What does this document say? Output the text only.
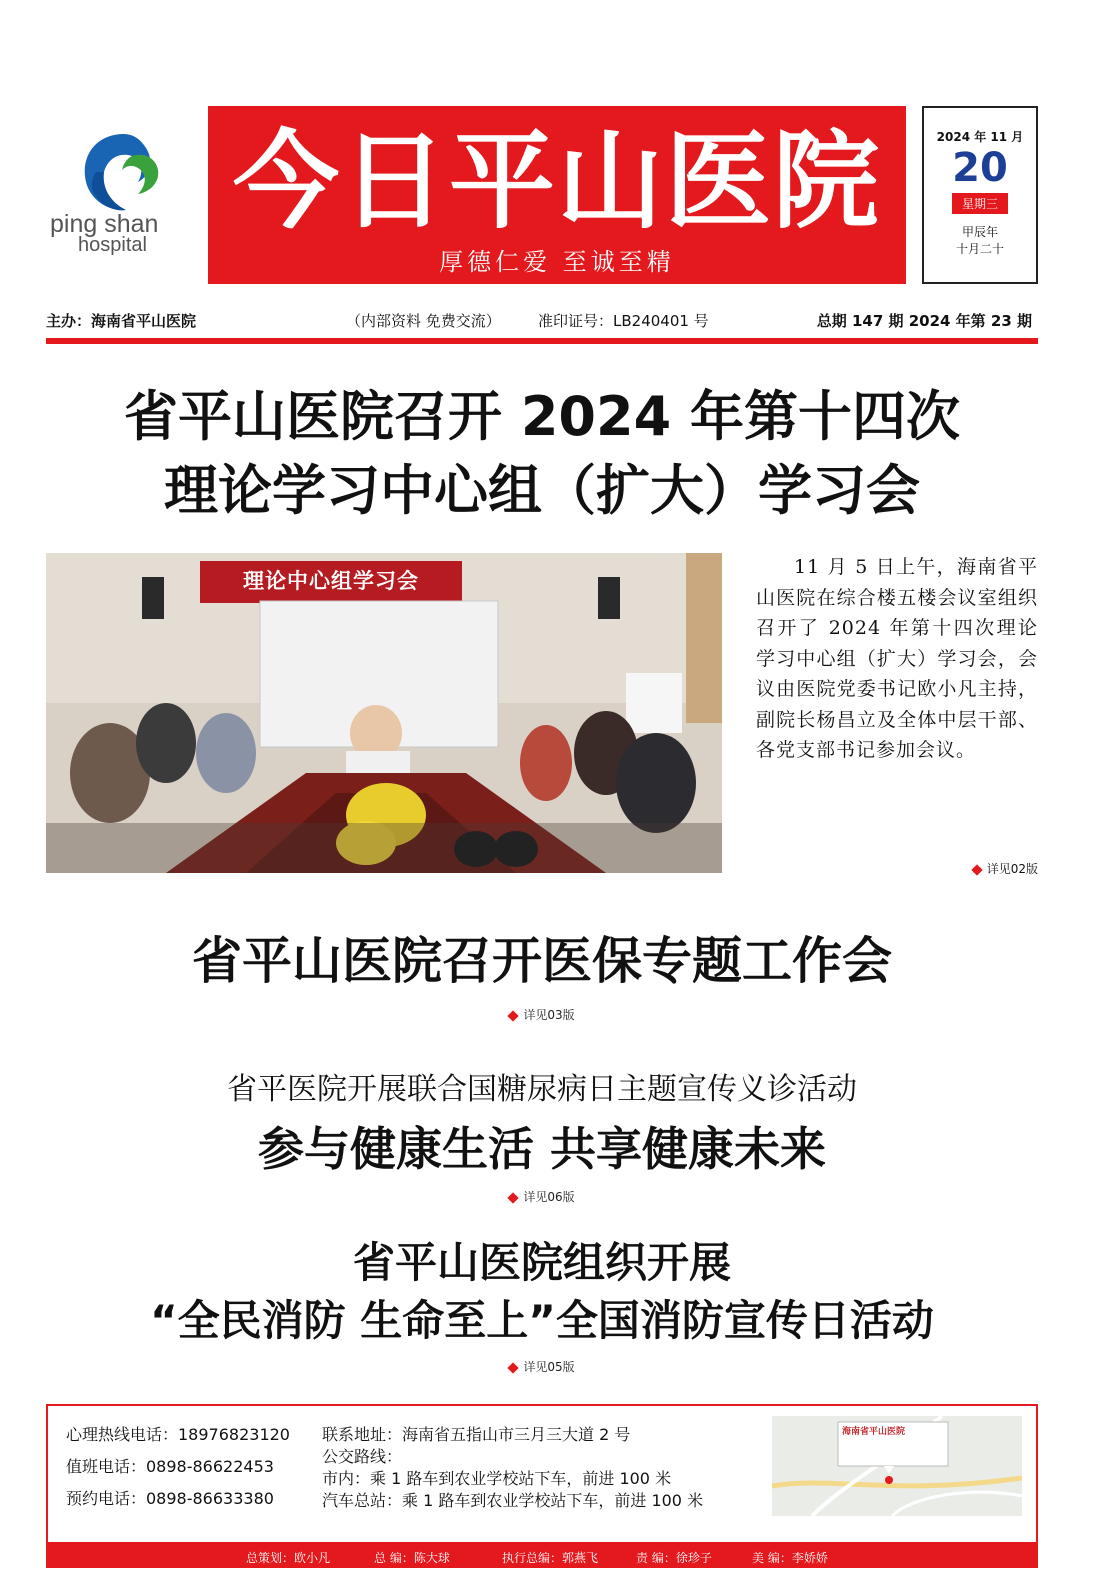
ping shan
hospital
今日平山医院
厚德仁爱 至诚至精
2024 年 11 月
20
星期三
甲辰年
十月二十
主办：海南省平山医院	（内部资料 免费交流） 准印证号：LB240401 号	总期 147 期 2024 年第 23 期
省平山医院召开 2024 年第十四次
理论学习中心组（扩大）学习会
理论中心组学习会
11 月 5 日上午，海南省平山医院在综合楼五楼会议室组织召开了 2024 年第十四次理论学习中心组（扩大）学习会，会议由医院党委书记欧小凡主持，副院长杨昌立及全体中层干部、各党支部书记参加会议。
详见02版
省平山医院召开医保专题工作会
详见03版
省平医院开展联合国糖尿病日主题宣传义诊活动
参与健康生活 共享健康未来
详见06版
省平山医院组织开展
“全民消防 生命至上”全国消防宣传日活动
详见05版
心理热线电话：18976823120
值班电话：0898-86622453
预约电话：0898-86633380
联系地址：海南省五指山市三月三大道 2 号
公交路线：
市内：乘 1 路车到农业学校站下车，前进 100 米
汽车总站：乘 1 路车到农业学校站下车，前进 100 米
海南省平山医院
总策划：欧小凡	总 编：陈大球	执行总编：郭燕飞	责 编：徐珍子	美 编：李娇娇
